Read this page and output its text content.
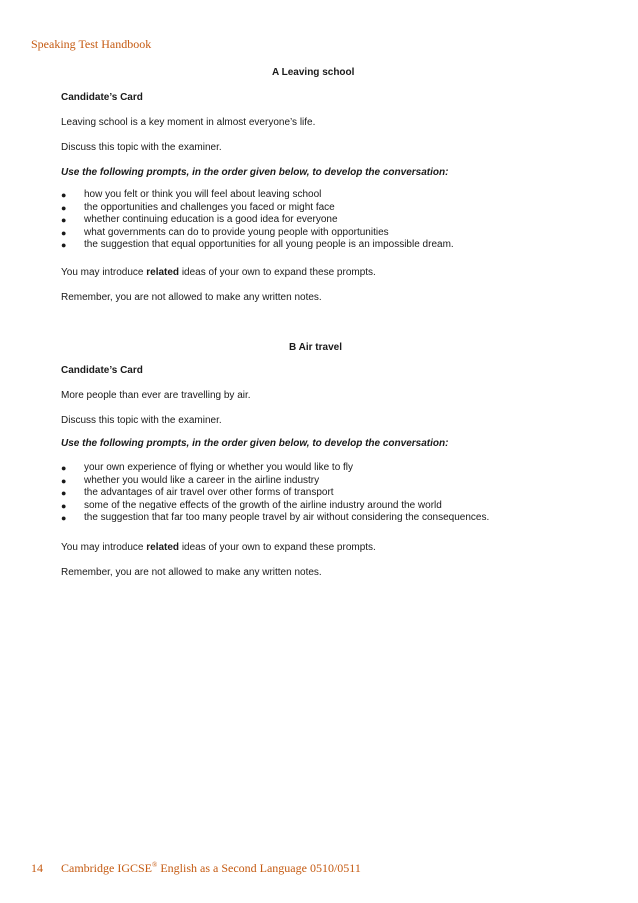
Speaking Test Handbook
A Leaving school
Candidate’s Card
Leaving school is a key moment in almost everyone’s life.
Discuss this topic with the examiner.
Use the following prompts, in the order given below, to develop the conversation:
● how you felt or think you will feel about leaving school
● the opportunities and challenges you faced or might face
● whether continuing education is a good idea for everyone
● what governments can do to provide young people with opportunities
● the suggestion that equal opportunities for all young people is an impossible dream.
You may introduce related ideas of your own to expand these prompts.
Remember, you are not allowed to make any written notes.
B Air travel
Candidate’s Card
More people than ever are travelling by air.
Discuss this topic with the examiner.
Use the following prompts, in the order given below, to develop the conversation:
● your own experience of flying or whether you would like to fly
● whether you would like a career in the airline industry
● the advantages of air travel over other forms of transport
● some of the negative effects of the growth of the airline industry around the world
● the suggestion that far too many people travel by air without considering the consequences.
You may introduce related ideas of your own to expand these prompts.
Remember, you are not allowed to make any written notes.
14 Cambridge IGCSE® English as a Second Language 0510/0511
